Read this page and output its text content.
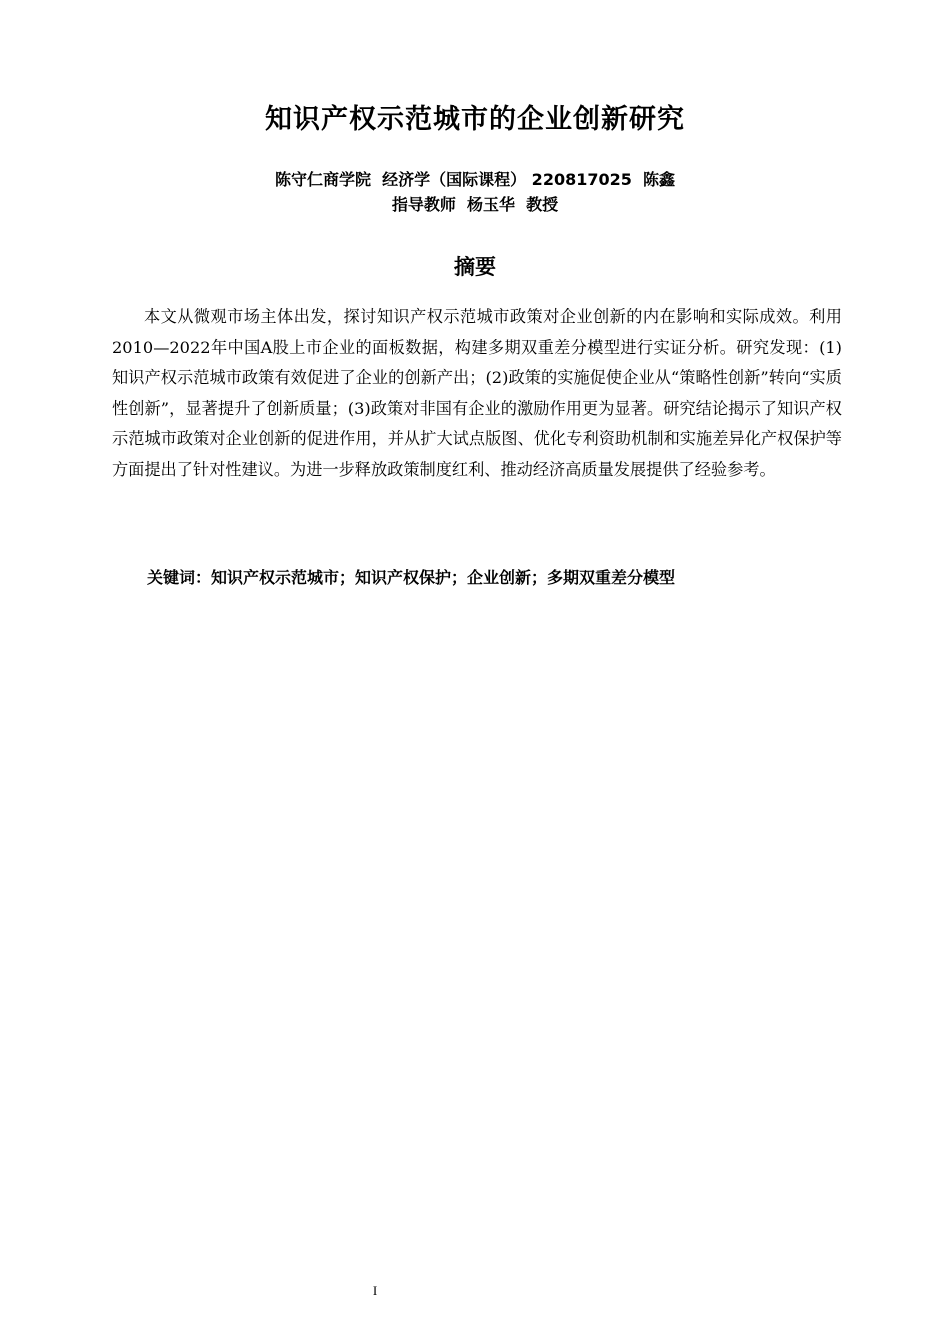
知识产权示范城市的企业创新研究
陈守仁商学院  经济学（国际课程） 220817025  陈鑫
指导教师  杨玉华  教授
摘要

本文从微观市场主体出发，探讨知识产权示范城市政策对企业创新的内在影响和实际成效。利用2010—2022年中国A股上市企业的面板数据，构建多期双重差分模型进行实证分析。研究发现：(1)知识产权示范城市政策有效促进了企业的创新产出；(2)政策的实施促使企业从“策略性创新”转向“实质性创新”，显著提升了创新质量；(3)政策对非国有企业的激励作用更为显著。研究结论揭示了知识产权示范城市政策对企业创新的促进作用，并从扩大试点版图、优化专利资助机制和实施差异化产权保护等方面提出了针对性建议。为进一步释放政策制度红利、推动经济高质量发展提供了经验参考。

关键词：知识产权示范城市；知识产权保护；企业创新；多期双重差分模型
I
